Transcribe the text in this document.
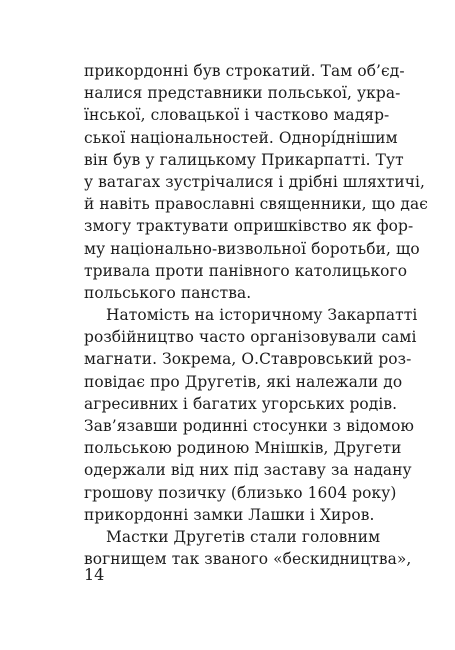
прикордонні був строкатий. Там об’єд-
налися представники польської, укра-
їнської, словацької і частково мадяр-
ської національностей. Однорíднішим
він був у галицькому Прикарпатті. Тут
у ватагах зустрічалися і дрібні шляхтичі,
й навіть православні священники, що дає
змогу трактувати опришківство як фор-
му національно-визвольної боротьби, що
тривала проти панівного католицького
польського панства.
Натомість на історичному Закарпатті
розбійництво часто організовували самі
магнати. Зокрема, О.Ставровський роз-
повідає про Другетів, які належали до
агресивних і багатих угорських родів.
Зав’язавши родинні стосунки з відомою
польською родиною Мнішків, Другети
одержали від них під заставу за надану
грошову позичку (близько 1604 року)
прикордонні замки Лашки і Хиров.
Мастки Другетів стали головним
вогнищем так званого «бескидництва»,
14
